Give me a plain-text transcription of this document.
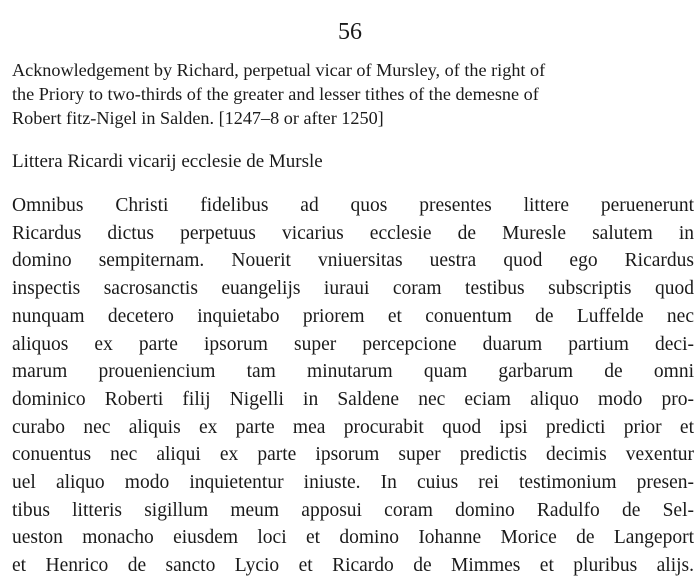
56
Acknowledgement by Richard, perpetual vicar of Mursley, of the right of
the Priory to two-thirds of the greater and lesser tithes of the demesne of
Robert fitz-Nigel in Salden. [1247–8 or after 1250]
Littera Ricardi vicarij ecclesie de Mursle
Omnibus Christi fidelibus ad quos presentes littere peruenerunt
Ricardus dictus perpetuus vicarius ecclesie de Muresle salutem in
domino sempiternam. Nouerit vniuersitas uestra quod ego Ricardus
inspectis sacrosanctis euangelijs iuraui coram testibus subscriptis quod
nunquam decetero inquietabo priorem et conuentum de Luffelde nec
aliquos ex parte ipsorum super percepcione duarum partium deci-
marum proueniencium tam minutarum quam garbarum de omni
dominico Roberti filij Nigelli in Saldene nec eciam aliquo modo pro-
curabo nec aliquis ex parte mea procurabit quod ipsi predicti prior et
conuentus nec aliqui ex parte ipsorum super predictis decimis vexentur
uel aliquo modo inquietentur iniuste. In cuius rei testimonium presen-
tibus litteris sigillum meum apposui coram domino Radulfo de Sel-
ueston monacho eiusdem loci et domino Iohanne Morice de Langeport
et Henrico de sancto Lycio et Ricardo de Mimmes et pluribus alijs.
